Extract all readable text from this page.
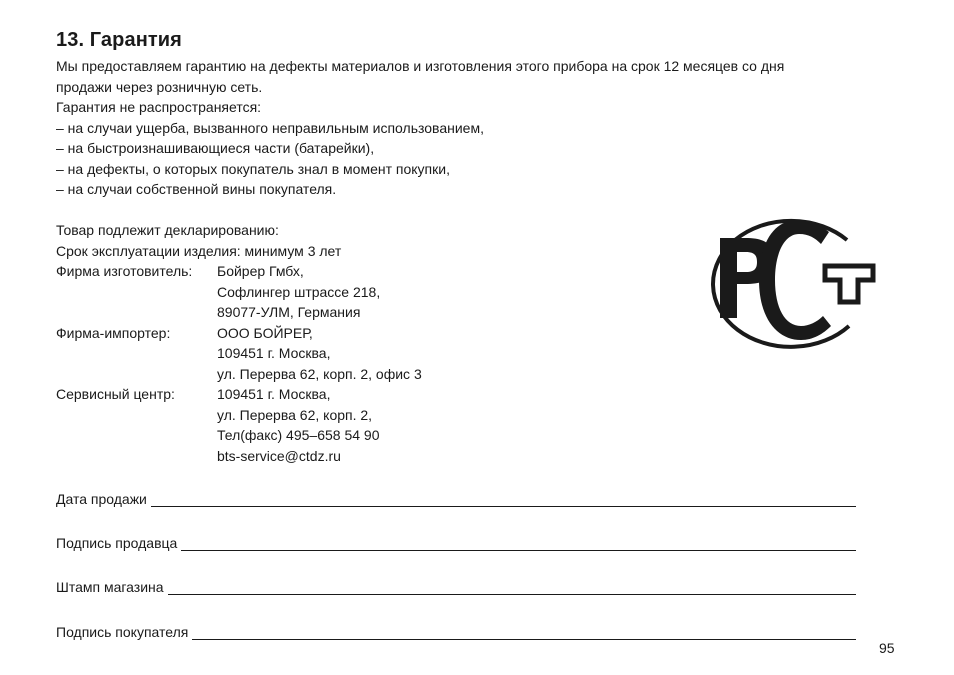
13. Гарантия
Мы предоставляем гарантию на дефекты материалов и изготовления этого прибора на срок 12 месяцев со дня
продажи через розничную сеть.
Гарантия не распространяется:
– на случаи ущерба, вызванного неправильным использованием,
– на быстроизнашивающиеся части (батарейки),
– на дефекты, о которых покупатель знал в момент покупки,
– на случаи собственной вины покупателя.
Товар подлежит декларированию:
Срок эксплуатации изделия: минимум 3 лет
Фирма изготовитель:	Бойрер Гмбх,
Софлингер штрассе 218,
89077-УЛМ, Германия
Фирма-импортер:	ООО БОЙРЕР,
109451 г. Москва,
ул. Перерва 62, корп. 2, офис 3
Сервисный центр:	109451 г. Москва,
ул. Перерва 62, корп. 2,
Тел(факс) 495–658 54 90
bts-service@ctdz.ru
Дата продажи
Подпись продавца
Штамп магазина
Подпись покупателя
95
